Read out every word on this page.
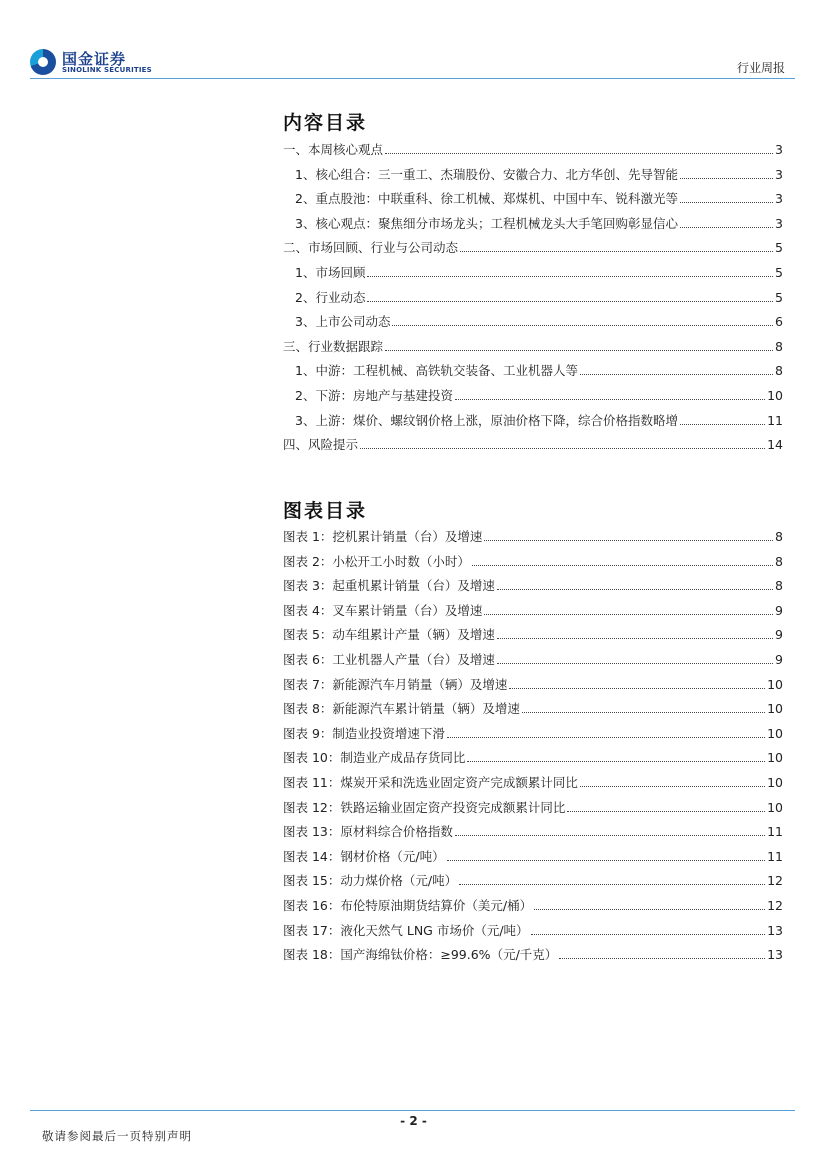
国金证券
SINOLINK SECURITIES	行业周报
内容目录
一、本周核心观点	3
1、核心组合：三一重工、杰瑞股份、安徽合力、北方华创、先导智能	3
2、重点股池：中联重科、徐工机械、郑煤机、中国中车、锐科激光等	3
3、核心观点：聚焦细分市场龙头；工程机械龙头大手笔回购彰显信心	3
二、市场回顾、行业与公司动态	5
1、市场回顾	5
2、行业动态	5
3、上市公司动态	6
三、行业数据跟踪	8
1、中游：工程机械、高铁轨交装备、工业机器人等	8
2、下游：房地产与基建投资	10
3、上游：煤价、螺纹钢价格上涨，原油价格下降，综合价格指数略增	11
四、风险提示	14
图表目录
图表 1：挖机累计销量（台）及增速	8
图表 2：小松开工小时数（小时）	8
图表 3：起重机累计销量（台）及增速	8
图表 4：叉车累计销量（台）及增速	9
图表 5：动车组累计产量（辆）及增速	9
图表 6：工业机器人产量（台）及增速	9
图表 7：新能源汽车月销量（辆）及增速	10
图表 8：新能源汽车累计销量（辆）及增速	10
图表 9：制造业投资增速下滑	10
图表 10：制造业产成品存货同比	10
图表 11：煤炭开采和洗选业固定资产完成额累计同比	10
图表 12：铁路运输业固定资产投资完成额累计同比	10
图表 13：原材料综合价格指数	11
图表 14：钢材价格（元/吨）	11
图表 15：动力煤价格（元/吨）	12
图表 16：布伦特原油期货结算价（美元/桶）	12
图表 17：液化天然气 LNG 市场价（元/吨）	13
图表 18：国产海绵钛价格：≥99.6%（元/千克）	13
- 2 -
敬请参阅最后一页特别声明
